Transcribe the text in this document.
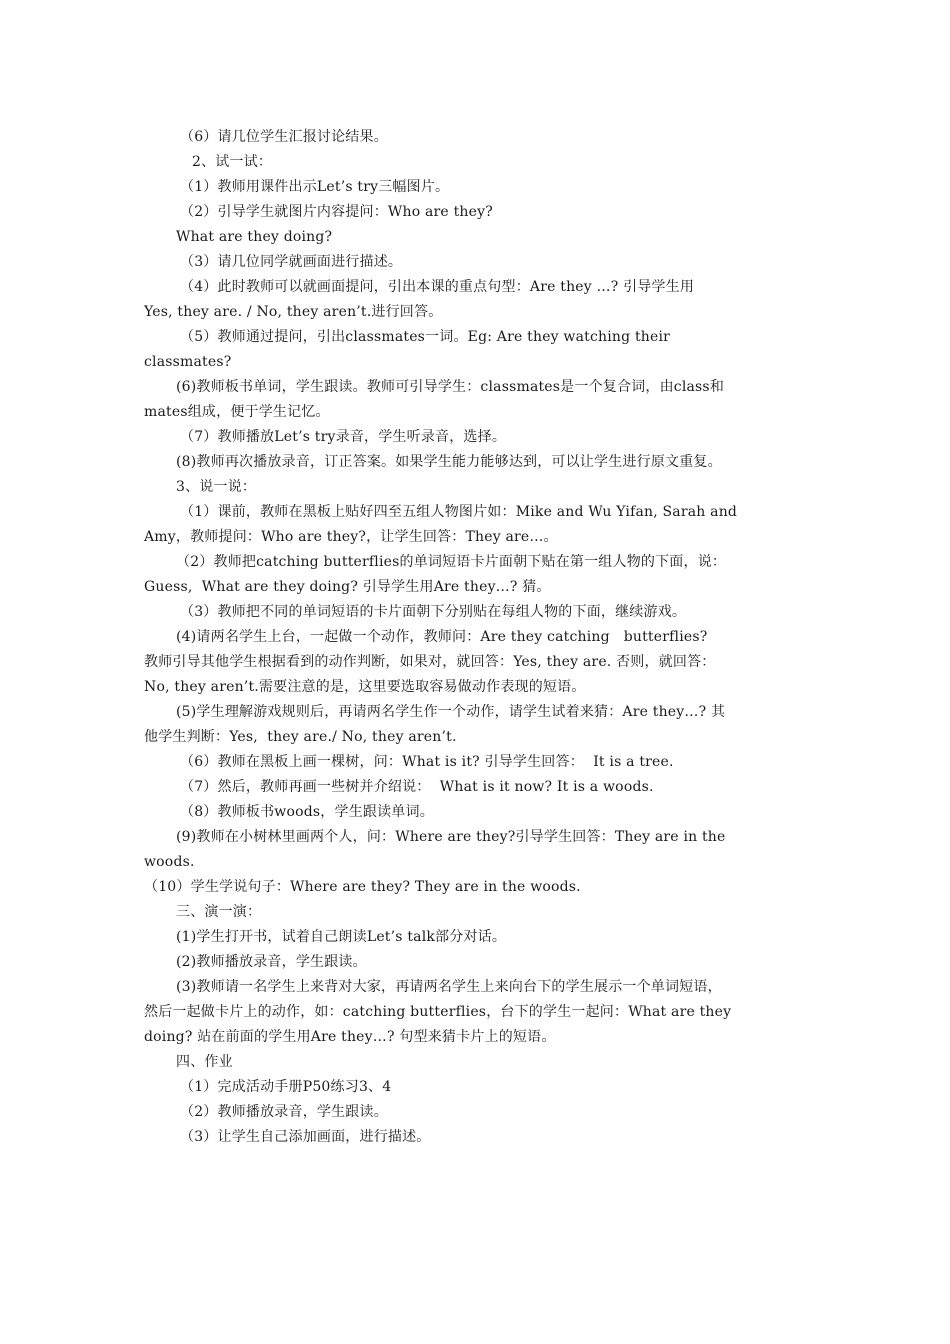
（6）请几位学生汇报讨论结果。
2、试一试：
（1）教师用课件出示Let’s try三幅图片。
（2）引导学生就图片内容提问：Who are they?
What are they doing?
（3）请几位同学就画面进行描述。
（4）此时教师可以就画面提问，引出本课的重点句型：Are they …? 引导学生用
Yes, they are. / No, they aren’t.进行回答。
（5）教师通过提问，引出classmates一词。Eg: Are they watching their
classmates?
(6)教师板书单词，学生跟读。教师可引导学生：classmates是一个复合词，由class和
mates组成，便于学生记忆。
（7）教师播放Let’s try录音，学生听录音，选择。
(8)教师再次播放录音，订正答案。如果学生能力能够达到，可以让学生进行原文重复。
3、说一说：
（1）课前，教师在黑板上贴好四至五组人物图片如：Mike and Wu Yifan, Sarah and
Amy，教师提问：Who are they?，让学生回答：They are…。
（2）教师把catching butterflies的单词短语卡片面朝下贴在第一组人物的下面，说：
Guess,  What are they doing? 引导学生用Are they…? 猜。
（3）教师把不同的单词短语的卡片面朝下分别贴在每组人物的下面，继续游戏。
(4)请两名学生上台，一起做一个动作，教师问：Are they catching   butterflies?
教师引导其他学生根据看到的动作判断，如果对，就回答：Yes, they are. 否则，就回答：
No, they aren’t.需要注意的是，这里要选取容易做动作表现的短语。
(5)学生理解游戏规则后，再请两名学生作一个动作，请学生试着来猜：Are they…? 其
他学生判断：Yes,  they are./ No, they aren’t.
（6）教师在黑板上画一棵树，问：What is it? 引导学生回答：  It is a tree.
（7）然后，教师再画一些树并介绍说：  What is it now? It is a woods.
（8）教师板书woods，学生跟读单词。
(9)教师在小树林里画两个人，问：Where are they?引导学生回答：They are in the
woods.
（10）学生学说句子：Where are they? They are in the woods.
三、演一演：
(1)学生打开书，试着自己朗读Let’s talk部分对话。
(2)教师播放录音，学生跟读。
(3)教师请一名学生上来背对大家，再请两名学生上来向台下的学生展示一个单词短语，
然后一起做卡片上的动作，如：catching butterflies，台下的学生一起问：What are they
doing? 站在前面的学生用Are they…? 句型来猜卡片上的短语。
四、作业
（1）完成活动手册P50练习3、4
（2）教师播放录音，学生跟读。
（3）让学生自己添加画面，进行描述。
